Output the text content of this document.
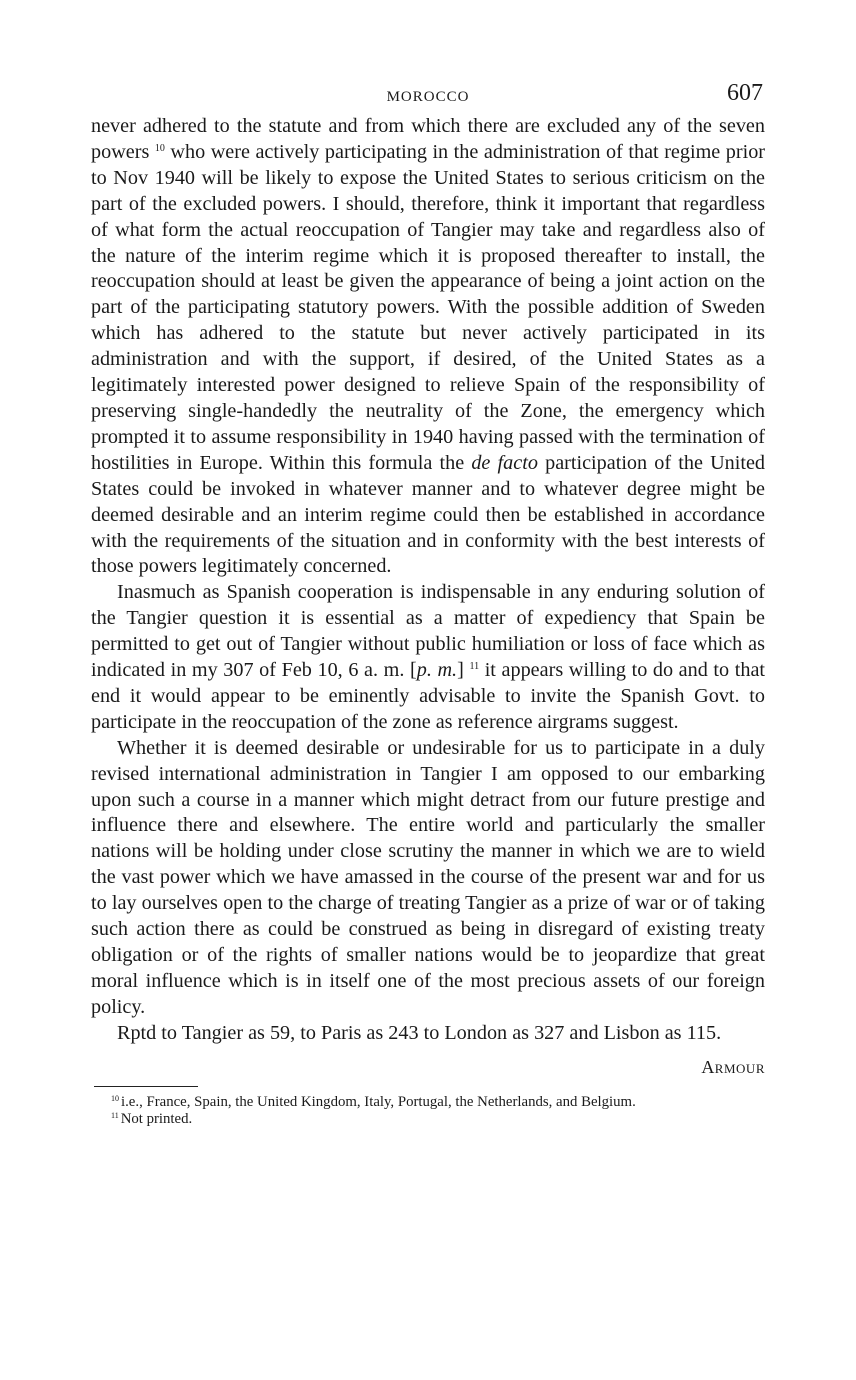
MOROCCO	607

never adhered to the statute and from which there are excluded any of the seven powers $^{10}$ who were actively participating in the administration of that regime prior to Nov 1940 will be likely to expose the United States to serious criticism on the part of the excluded powers. I should, therefore, think it important that regardless of what form the actual reoccupation of Tangier may take and regardless also of the nature of the interim regime which it is proposed thereafter to install, the reoccupation should at least be given the appearance of being a joint action on the part of the participating statutory powers. With the possible addition of Sweden which has adhered to the statute but never actively participated in its administration and with the support, if desired, of the United States as a legitimately interested power designed to relieve Spain of the responsibility of preserving single-handedly the neutrality of the Zone, the emergency which prompted it to assume responsibility in 1940 having passed with the termination of hostilities in Europe. Within this formula the de facto participation of the United States could be invoked in whatever manner and to whatever degree might be deemed desirable and an interim regime could then be established in accordance with the requirements of the situation and in conformity with the best interests of those powers legitimately concerned.

Inasmuch as Spanish cooperation is indispensable in any enduring solution of the Tangier question it is essential as a matter of expediency that Spain be permitted to get out of Tangier without public humiliation or loss of face which as indicated in my 307 of Feb 10, 6 a. m. [p. m.] $^{11}$ it appears willing to do and to that end it would appear to be eminently advisable to invite the Spanish Govt. to participate in the reoccupation of the zone as reference airgrams suggest.

Whether it is deemed desirable or undesirable for us to participate in a duly revised international administration in Tangier I am opposed to our embarking upon such a course in a manner which might detract from our future prestige and influence there and elsewhere. The entire world and particularly the smaller nations will be holding under close scrutiny the manner in which we are to wield the vast power which we have amassed in the course of the present war and for us to lay ourselves open to the charge of treating Tangier as a prize of war or of taking such action there as could be construed as being in disregard of existing treaty obligation or of the rights of smaller nations would be to jeopardize that great moral influence which is in itself one of the most precious assets of our foreign policy.

Rptd to Tangier as 59, to Paris as 243 to London as 327 and Lisbon as 115.

Armour

$^{10}$ i.e., France, Spain, the United Kingdom, Italy, Portugal, the Netherlands, and Belgium.

$^{11}$ Not printed.
